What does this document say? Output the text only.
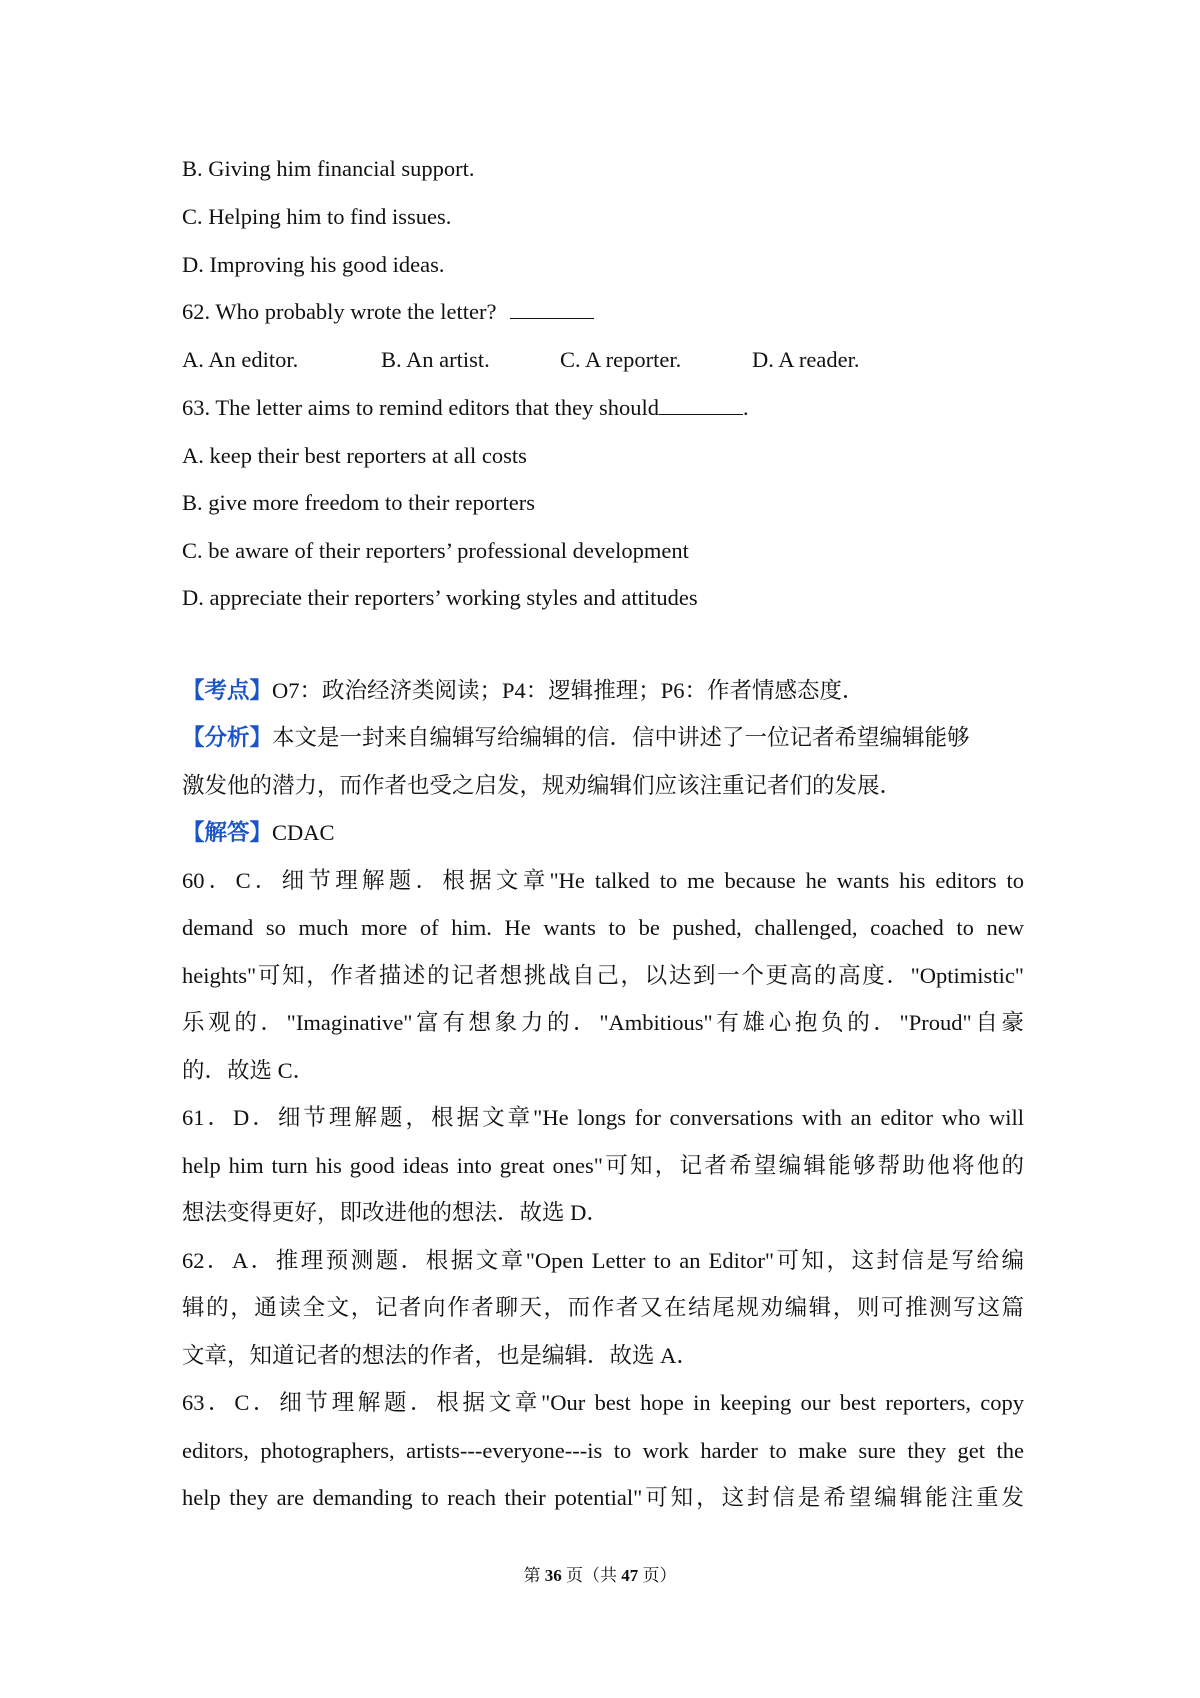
B. Giving him financial support.
C. Helping him to find issues.
D. Improving his good ideas.
62. Who probably wrote the letter?
A. An editor.	B. An artist.	C. A reporter.	D. A reader.
63. The letter aims to remind editors that they should	.
A. keep their best reporters at all costs
B. give more freedom to their reporters
C. be aware of their reporters’ professional development
D. appreciate their reporters’ working styles and attitudes
【考点】O7：政治经济类阅读；P4：逻辑推理；P6：作者情感态度．
【分析】本文是一封来自编辑写给编辑的信．信中讲述了一位记者希望编辑能够
激发他的潜力，而作者也受之启发，规劝编辑们应该注重记者们的发展．
【解答】CDAC
60．C．细节理解题．根据文章"He talked to me because he wants his editors to
demand so much more of him. He wants to be pushed, challenged, coached to new
heights"可知，作者描述的记者想挑战自己，以达到一个更高的高度．"Optimistic"
乐观的．"Imaginative"富有想象力的．"Ambitious"有雄心抱负的．"Proud"自豪
的．故选 C．
61．D．细节理解题，根据文章"He longs for conversations with an editor who will
help him turn his good ideas into great ones"可知，记者希望编辑能够帮助他将他的
想法变得更好，即改进他的想法．故选 D．
62．A．推理预测题．根据文章"Open Letter to an Editor"可知，这封信是写给编
辑的，通读全文，记者向作者聊天，而作者又在结尾规劝编辑，则可推测写这篇
文章，知道记者的想法的作者，也是编辑．故选 A．
63．C．细节理解题．根据文章"Our best hope in keeping our best reporters, copy
editors, photographers, artists---everyone---is to work harder to make sure they get the
help they are demanding to reach their potential"可知，这封信是希望编辑能注重发
第 36 页（共 47 页）
